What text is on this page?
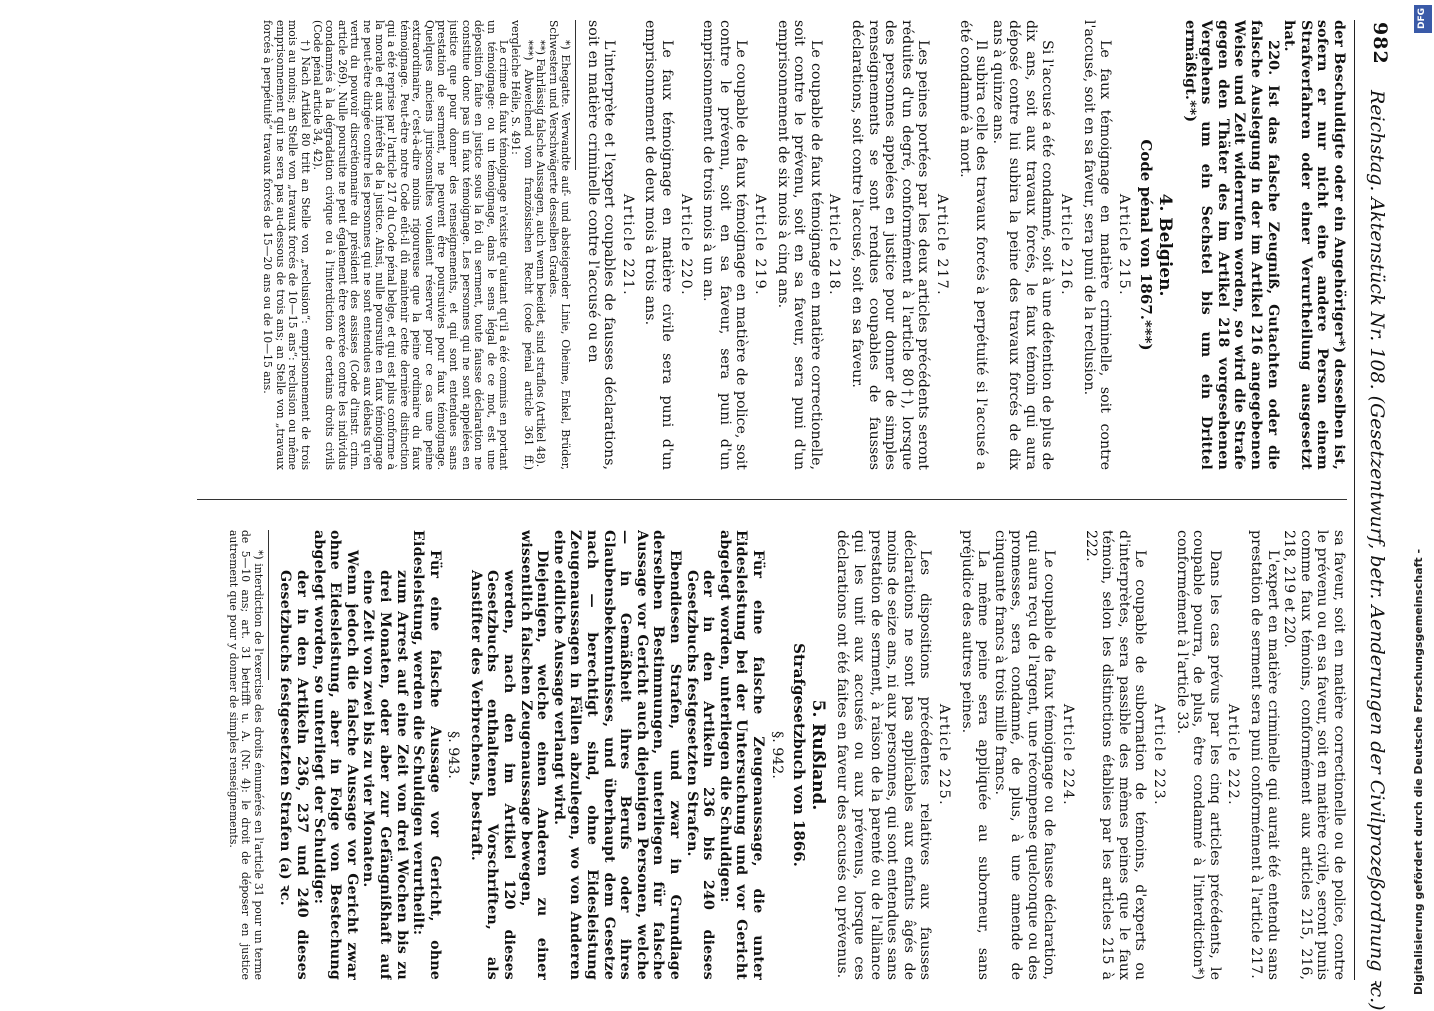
982
Reichstag. Aktenstück Nr. 108. (Gesetzentwurf, betr. Aenderungen der Civilprozeßordnung ꝛc.)

der Beschuldigte oder ein Angehöriger*) desselben ist, sofern er nur nicht eine andere Person einem Strafverfahren oder einer Verurtheilung ausgesetzt hat.

220. Ist das falsche Zeugniß, Gutachten oder die falsche Auslegung in der im Artikel 216 angegebenen Weise und Zeit widerrufen worden, so wird die Strafe gegen den Thäter des im Artikel 218 vorgesehenen Vergehens um ein Sechstel bis um ein Drittel ermäßigt.**)

4. Belgien.
Code pénal von 1867.***)
Article 215.

Le faux témoignage en matière criminelle, soit contre l'accusé, soit en sa faveur, sera puni de la reclusion.

Article 216.

Si l'accusé a été condamné, soit à une détention de plus de dix ans, soit aux travaux forcés, le faux témoin qui aura déposé contre lui subira la peine des travaux forcés de dix ans à quinze ans.

Il subira celle des travaux forcés à perpétuité si l'accusé a été condamné à mort.

Article 217.

Les peines portées par les deux articles précédents seront réduites d'un degré, conformément à l'article 80†), lorsque des personnes appelées en justice pour donner de simples renseignements se sont rendues coupables de fausses déclarations, soit contre l'accusé, soit en sa faveur.

Article 218.

Le coupable de faux témoignage en matière correctionelle, soit contre le prévenu, soit en sa faveur, sera puni d'un emprisonnement de six mois à cinq ans.

Article 219.

Le coupable de faux témoignage en matière de police, soit contre le prévenu, soit en sa faveur, sera puni d'un emprisonnement de trois mois à un an.

Article 220.

Le faux témoignage en matière civile sera puni d'un emprisonnement de deux mois à trois ans.

Article 221.

L'interprète et l'expert coupables de fausses déclarations, soit en matière criminelle contre l'accusé ou en

*) Ehegatte. Verwandte auf- und absteigender Linie, Oheime, Enkel, Brüder, Schwestern und Verschwägerte desselben Grades.

**) Fahrlässig falsche Aussagen, auch wenn beeidet, sind straflos (Artikel 48).

***) Abweichend vom französischen Recht (code pénal article 361 ff.) vergleiche Hélie, S. 491:

Le crime du faux témoignage n'existe qu'autant qu'il a été commis en portant un témoignage: ou un témoignage, dans le sens légal de ce mot, est une déposition faite en justice sous la foi du serment, toute fausse déclaration ne constitue donc pas un faux témoignage. Les personnes qui ne sont appelées en justice que pour donner des renseignements, et qui sont entendues sans prestation de serment, ne peuvent être poursuivies pour faux témoignage. Quelques anciens jurisconsultes voulaient réserver pour ce cas une peine extraordinaire, c'est-à-dire moins rigoureuse que la peine ordinaire du faux témoignage. Peut-être notre Code eût-il dû maintenir cette dernière distinction qui a été reprise par l'article 217 du Code pénal belge, et qui est plus conforme à la morale et aux intérêts de la justice. Ainsi, nulle poursuite en faux témoignage ne peut-être dirigée contre les personnes qui ne sont entendues aux débats qu'en vertu du pouvoir discrétionnaire du président des assises (Code d'instr. crim. article 269). Nulle poursuite ne peut également être exercée contre les individus condamnés à la dégradation civique ou à l'interdiction de certains droits civils (Code pénal article 34, 42).

†) Nach Artikel 80 tritt an Stelle von „reclusion“: emprisonnement de trois mois au moins; an Stelle von „travaux forcés de 10—15 ans“: reclusion ou même emprisonnement qui ne sera pas au-dessous de trois ans; an Stelle von „travaux forcés à perpétuité“ travaux forcés de 15—20 ans ou de 10—15 ans.

sa faveur, soit en matière correctionelle ou de police, contre le prévenu ou en sa faveur, soit en matière civile, seront punis comme faux témoins, conformément aux articles 215, 216, 218, 219 et 220.

L'expert en matière criminelle qui aurait été entendu sans prestation de serment sera puni conformément à l'article 217.

Article 222.

Dans les cas prévus par les cinq articles précédents, le coupable pourra, de plus, être condamné à l'interdiction*) conformément à l'article 33.

Article 223.

Le coupable de subornation de témoins, d'experts ou d'interprètes, sera passible des mêmes peines que le faux témoin, selon les distinctions établies par les articles 215 à 222.

Article 224.

Le coupable de faux témoignage ou de fausse déclaration, qui aura reçu de l'argent, une récompense quelconque ou des promesses, sera condamné, de plus, à une amende de cinquante francs à trois mille francs.

La même peine sera appliquée au suborneur, sans préjudice des autres peines.

Article 225.

Les dispositions précédentes relatives aux fausses déclarations ne sont pas applicables aux enfants âgés de moins de seize ans, ni aux personnes, qui sont entendues sans prestation de serment, à raison de la parenté ou de l'alliance qui les unit aux accusés ou aux prévenus, lorsque ces déclarations ont été faites en faveur des accusés ou prévenus.

5. Rußland.
Strafgesetzbuch von 1866.
§. 942.

Für eine falsche Zeugenaussage, die unter Eidesleistung bei der Untersuchung und vor Gericht abgelegt worden, unterliegen die Schuldigen:

der in den Artikeln 236 bis 240 dieses Gesetzbuchs festgesetzten Strafen.

Ebendiesen Strafen, und zwar in Grundlage derselben Bestimmungen, unterliegen für falsche Aussage vor Gericht auch diejenigen Personen, welche — in Gemäßheit ihres Berufs oder ihres Glaubensbekenntnisses, und überhaupt dem Gesetze nach — berechtigt sind, ohne Eidesleistung Zeugenaussagen in Fällen abzulegen, wo von Anderen eine eidliche Aussage verlangt wird.

Diejenigen, welche einen Anderen zu einer wissentlich falschen Zeugenaussage bewegen,

werden, nach den im Artikel 120 dieses Gesetzbuchs enthaltenen Vorschriften, als Anstifter des Verbrechens, bestraft.

§. 943.

Für eine falsche Aussage vor Gericht, ohne Eidesleistung, werden die Schuldigen verurtheilt:

zum Arrest auf eine Zeit von drei Wochen bis zu drei Monaten, oder aber zur Gefängnißhaft auf eine Zeit von zwei bis zu vier Monaten.

Wenn jedoch die falsche Aussage vor Gericht zwar ohne Eidesleistung, aber in Folge von Bestechung abgelegt worden, so unterliegt der Schuldige:

der in den Artikeln 236, 237 und 240 dieses Gesetzbuchs festgesetzten Strafen (a) ꝛc.

*) interdiction de l'exercise des droits énumérés en l'article 31 pour un terme de 5—10 ans; art. 31 betrifft u. A. (Nr. 4): le droit de déposer en justice autrement que pour y donner de simples renseignements.	Digitalisierung gefördert durch die Deutsche Forschungsgemeinschaft -
DFG
